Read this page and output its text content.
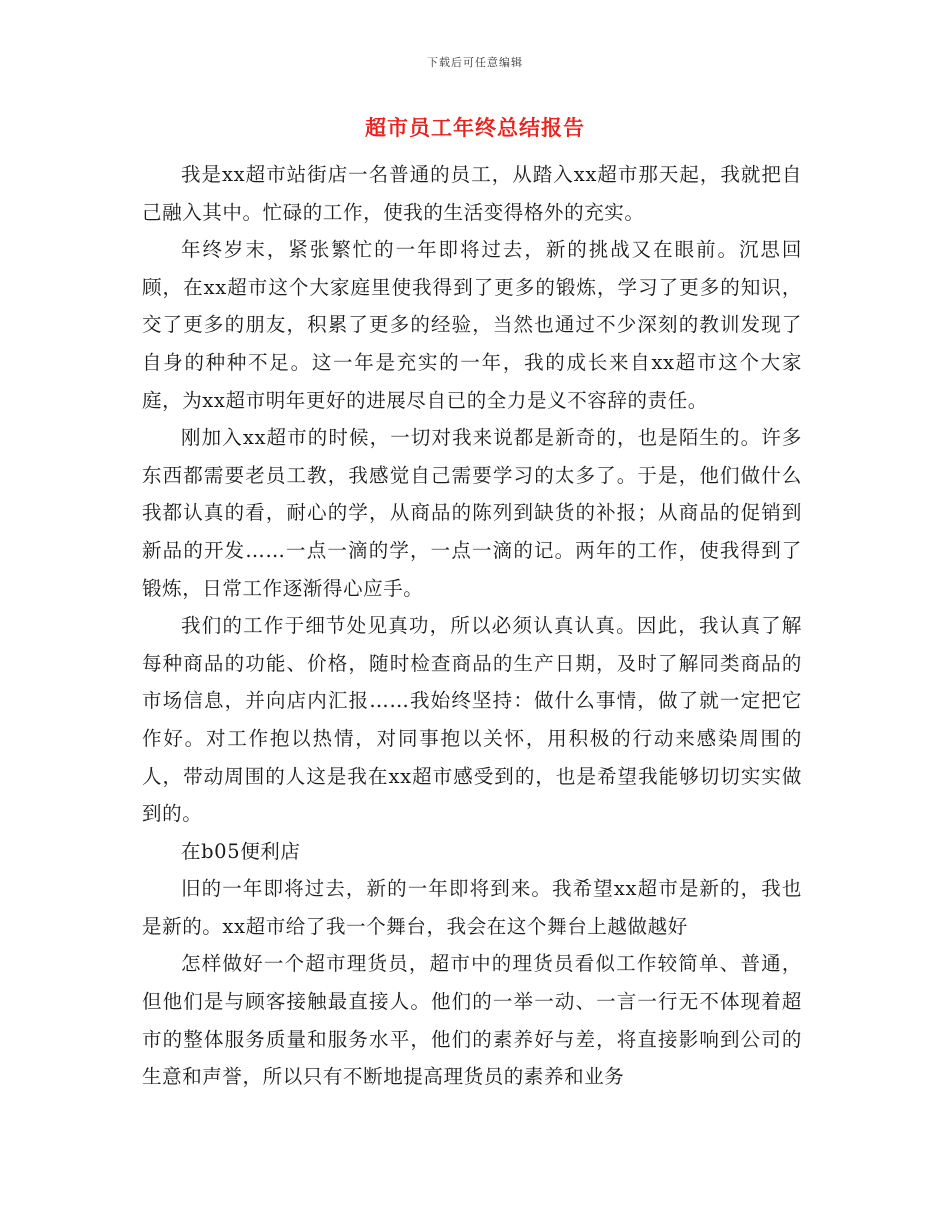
下载后可任意编辑
超市员工年终总结报告

我是xx超市站街店一名普通的员工，从踏入xx超市那天起，我就把自己融入其中。忙碌的工作，使我的生活变得格外的充实。

年终岁末，紧张繁忙的一年即将过去，新的挑战又在眼前。沉思回顾，在xx超市这个大家庭里使我得到了更多的锻炼，学习了更多的知识，交了更多的朋友，积累了更多的经验，当然也通过不少深刻的教训发现了自身的种种不足。这一年是充实的一年，我的成长来自xx超市这个大家庭，为xx超市明年更好的进展尽自已的全力是义不容辞的责任。

刚加入xx超市的时候，一切对我来说都是新奇的，也是陌生的。许多东西都需要老员工教，我感觉自己需要学习的太多了。于是，他们做什么我都认真的看，耐心的学，从商品的陈列到缺货的补报；从商品的促销到新品的开发……一点一滴的学，一点一滴的记。两年的工作，使我得到了锻炼，日常工作逐渐得心应手。

我们的工作于细节处见真功，所以必须认真认真。因此，我认真了解每种商品的功能、价格，随时检查商品的生产日期，及时了解同类商品的市场信息，并向店内汇报……我始终坚持：做什么事情，做了就一定把它作好。对工作抱以热情，对同事抱以关怀，用积极的行动来感染周围的人，带动周围的人这是我在xx超市感受到的，也是希望我能够切切实实做到的。

在b05便利店

旧的一年即将过去，新的一年即将到来。我希望xx超市是新的，我也是新的。xx超市给了我一个舞台，我会在这个舞台上越做越好

怎样做好一个超市理货员，超市中的理货员看似工作较简单、普通，但他们是与顾客接触最直接人。他们的一举一动、一言一行无不体现着超市的整体服务质量和服务水平，他们的素养好与差，将直接影响到公司的生意和声誉，所以只有不断地提高理货员的素养和业务
